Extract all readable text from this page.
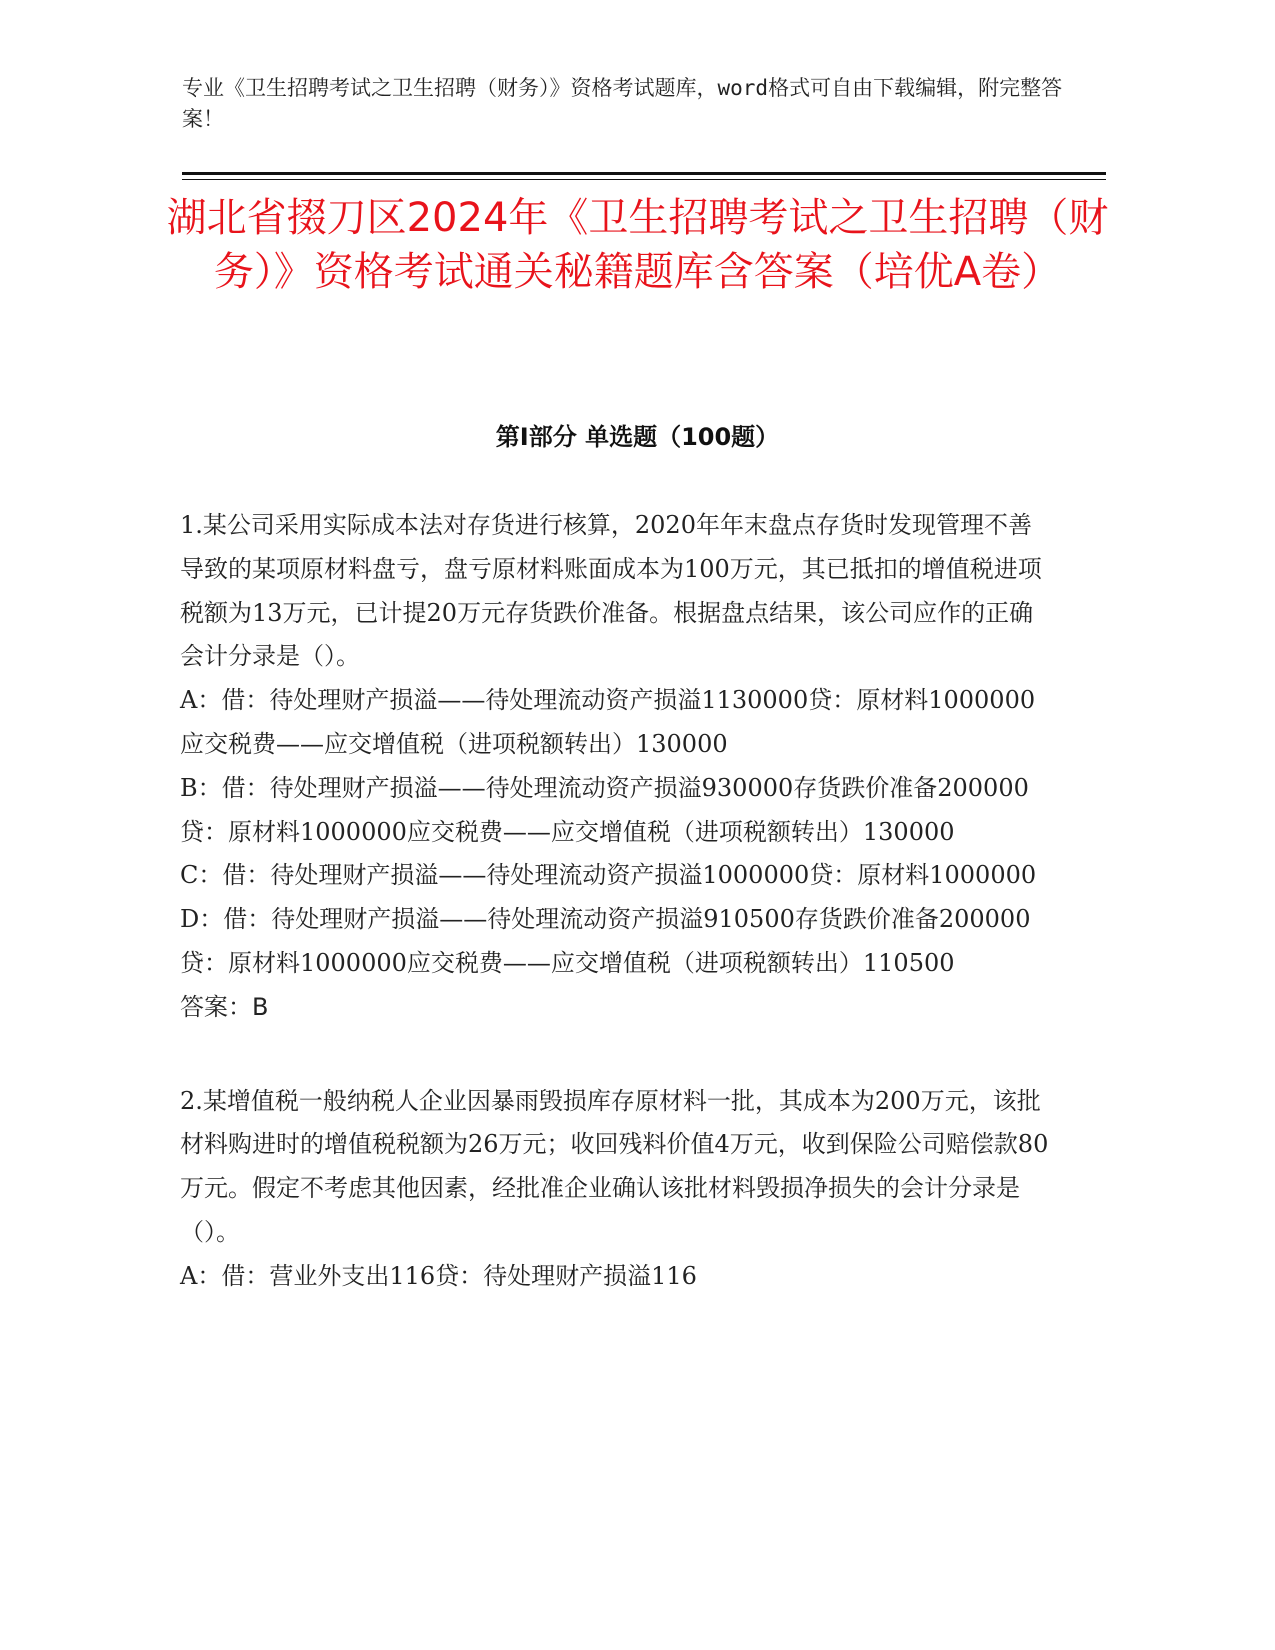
专业《卫生招聘考试之卫生招聘（财务）》资格考试题库，word格式可自由下载编辑，附完整答案！
湖北省掇刀区2024年《卫生招聘考试之卫生招聘（财务）》资格考试通关秘籍题库含答案（培优A卷）
第I部分 单选题（100题）

1.某公司采用实际成本法对存货进行核算，2020年年末盘点存货时发现管理不善导致的某项原材料盘亏，盘亏原材料账面成本为100万元，其已抵扣的增值税进项税额为13万元，已计提20万元存货跌价准备。根据盘点结果，该公司应作的正确会计分录是（）。

A：借：待处理财产损溢——待处理流动资产损溢1130000贷：原材料1000000应交税费——应交增值税（进项税额转出）130000

B：借：待处理财产损溢——待处理流动资产损溢930000存货跌价准备200000贷：原材料1000000应交税费——应交增值税（进项税额转出）130000

C：借：待处理财产损溢——待处理流动资产损溢1000000贷：原材料1000000

D：借：待处理财产损溢——待处理流动资产损溢910500存货跌价准备200000贷：原材料1000000应交税费——应交增值税（进项税额转出）110500

答案：B

2.某增值税一般纳税人企业因暴雨毁损库存原材料一批，其成本为200万元，该批材料购进时的增值税税额为26万元；收回残料价值4万元，收到保险公司赔偿款80万元。假定不考虑其他因素，经批准企业确认该批材料毁损净损失的会计分录是（）。

A：借：营业外支出116贷：待处理财产损溢116
